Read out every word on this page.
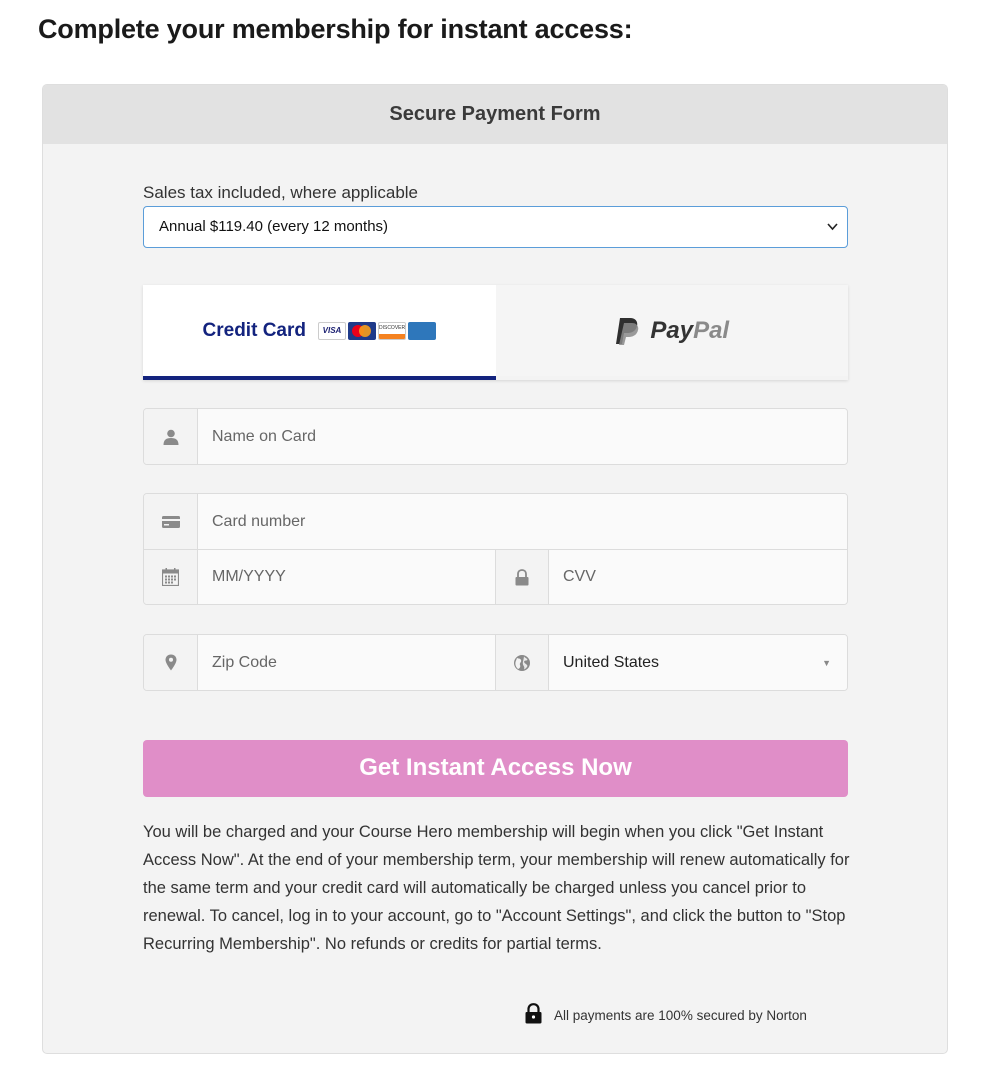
Complete your membership for instant access:
Secure Payment Form
Sales tax included, where applicable
Annual $119.40 (every 12 months)
Credit Card	VISA	DISCOVER	PayPal
Name on Card
Card number
MM/YYYY	CVV
Zip Code	United States	▼
Get Instant Access Now

You will be charged and your Course Hero membership will begin when you click "Get Instant Access Now". At the end of your membership term, your membership will renew automatically for the same term and your credit card will automatically be charged unless you cancel prior to renewal. To cancel, log in to your account, go to "Account Settings", and click the button to "Stop Recurring Membership". No refunds or credits for partial terms.

All payments are 100% secured by Norton
